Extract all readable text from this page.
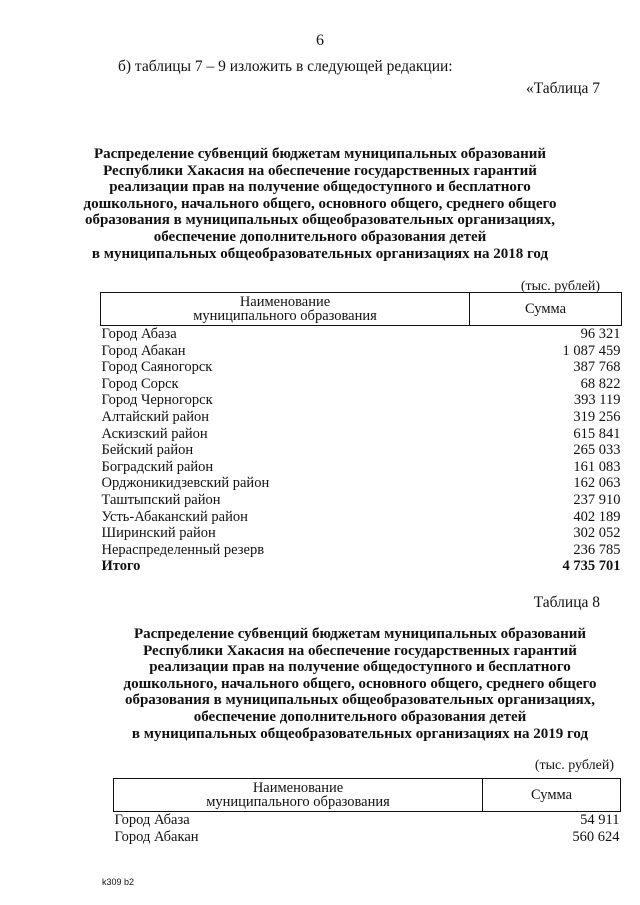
6
б) таблицы 7 – 9 изложить в следующей редакции:
«Таблица 7
Распределение субвенций бюджетам муниципальных образований
Республики Хакасия на обеспечение государственных гарантий
реализации прав на получение общедоступного и бесплатного
дошкольного, начального общего, основного общего, среднего общего
образования в муниципальных общеобразовательных организациях,
обеспечение дополнительного образования детей
в муниципальных общеобразовательных организациях на 2018 год
(тыс. рублей)
Наименование
муниципального образования	Сумма
Город Абаза	96 321
Город Абакан	1 087 459
Город Саяногорск	387 768
Город Сорск	68 822
Город Черногорск	393 119
Алтайский район	319 256
Аскизский район	615 841
Бейский район	265 033
Боградский район	161 083
Орджоникидзевский район	162 063
Таштыпский район	237 910
Усть-Абаканский район	402 189
Ширинский район	302 052
Нераспределенный резерв	236 785
Итого	4 735 701
Таблица 8
Распределение субвенций бюджетам муниципальных образований
Республики Хакасия на обеспечение государственных гарантий
реализации прав на получение общедоступного и бесплатного
дошкольного, начального общего, основного общего, среднего общего
образования в муниципальных общеобразовательных организациях,
обеспечение дополнительного образования детей
в муниципальных общеобразовательных организациях на 2019 год
(тыс. рублей)
Наименование
муниципального образования	Сумма
Город Абаза	54 911
Город Абакан	560 624
k309 b2
